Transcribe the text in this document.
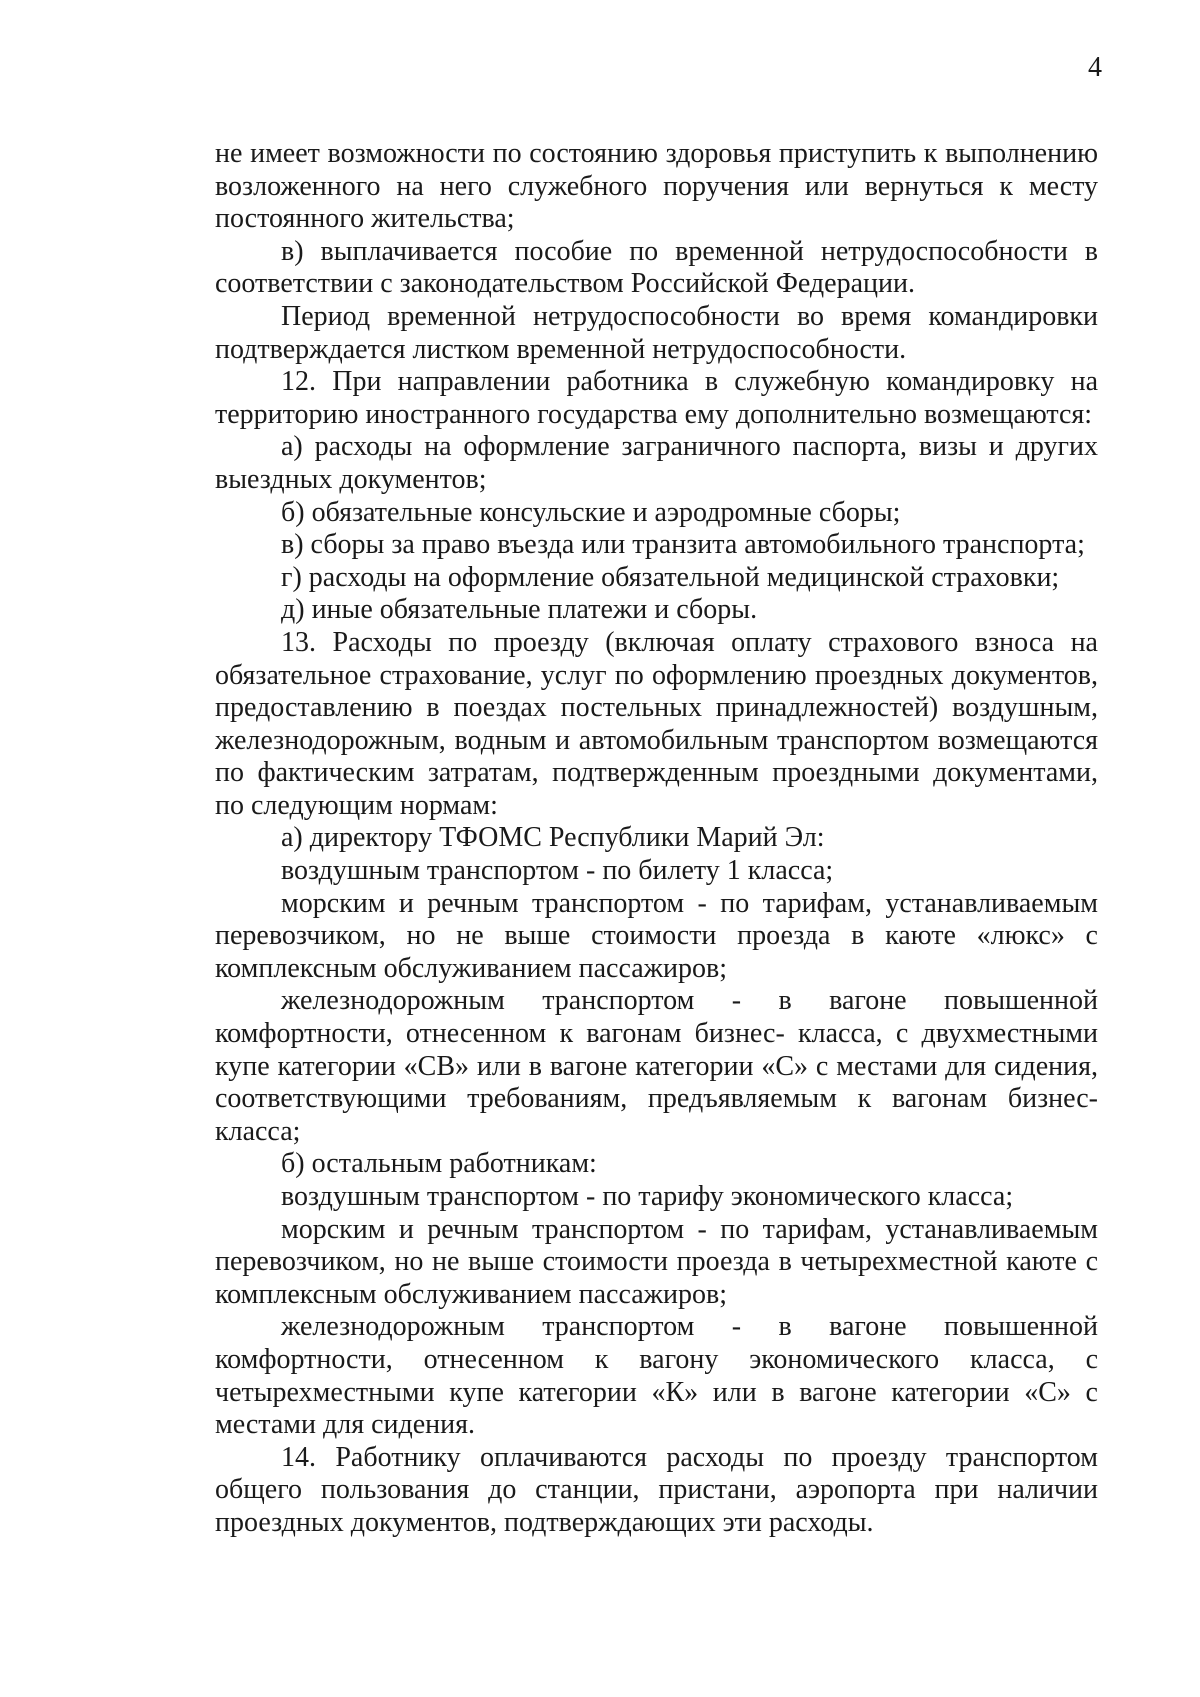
4

не имеет возможности по состоянию здоровья приступить к выполнению возложенного на него служебного поручения или вернуться к месту постоянного жительства;

в) выплачивается пособие по временной нетрудоспособности в соответствии с законодательством Российской Федерации.

Период временной нетрудоспособности во время командировки подтверждается листком временной нетрудоспособности.

12. При направлении работника в служебную командировку на территорию иностранного государства ему дополнительно возмещаются:

а) расходы на оформление заграничного паспорта, визы и других выездных документов;

б) обязательные консульские и аэродромные сборы;

в) сборы за право въезда или транзита автомобильного транспорта;

г) расходы на оформление обязательной медицинской страховки;

д) иные обязательные платежи и сборы.

13. Расходы по проезду (включая оплату страхового взноса на обязательное страхование, услуг по оформлению проездных документов, предоставлению в поездах постельных принадлежностей) воздушным, железнодорожным, водным и автомобильным транспортом возмещаются по фактическим затратам, подтвержденным проездными документами, по следующим нормам:

а) директору ТФОМС Республики Марий Эл:

воздушным транспортом - по билету 1 класса;

морским и речным транспортом - по тарифам, устанавливаемым перевозчиком, но не выше стоимости проезда в каюте «люкс» с комплексным обслуживанием пассажиров;

железнодорожным транспортом - в вагоне повышенной комфортности, отнесенном к вагонам бизнес- класса, с двухместными купе категории «СВ» или в вагоне категории «С» с местами для сидения, соответствующими требованиям, предъявляемым к вагонам бизнес-класса;

б) остальным работникам:

воздушным транспортом - по тарифу экономического класса;

морским и речным транспортом - по тарифам, устанавливаемым перевозчиком, но не выше стоимости проезда в четырехместной каюте с комплексным обслуживанием пассажиров;

железнодорожным транспортом - в вагоне повышенной комфортности, отнесенном к вагону экономического класса, с четырехместными купе категории «К» или в вагоне категории «С» с местами для сидения.

14. Работнику оплачиваются расходы по проезду транспортом общего пользования до станции, пристани, аэропорта при наличии проездных документов, подтверждающих эти расходы.
